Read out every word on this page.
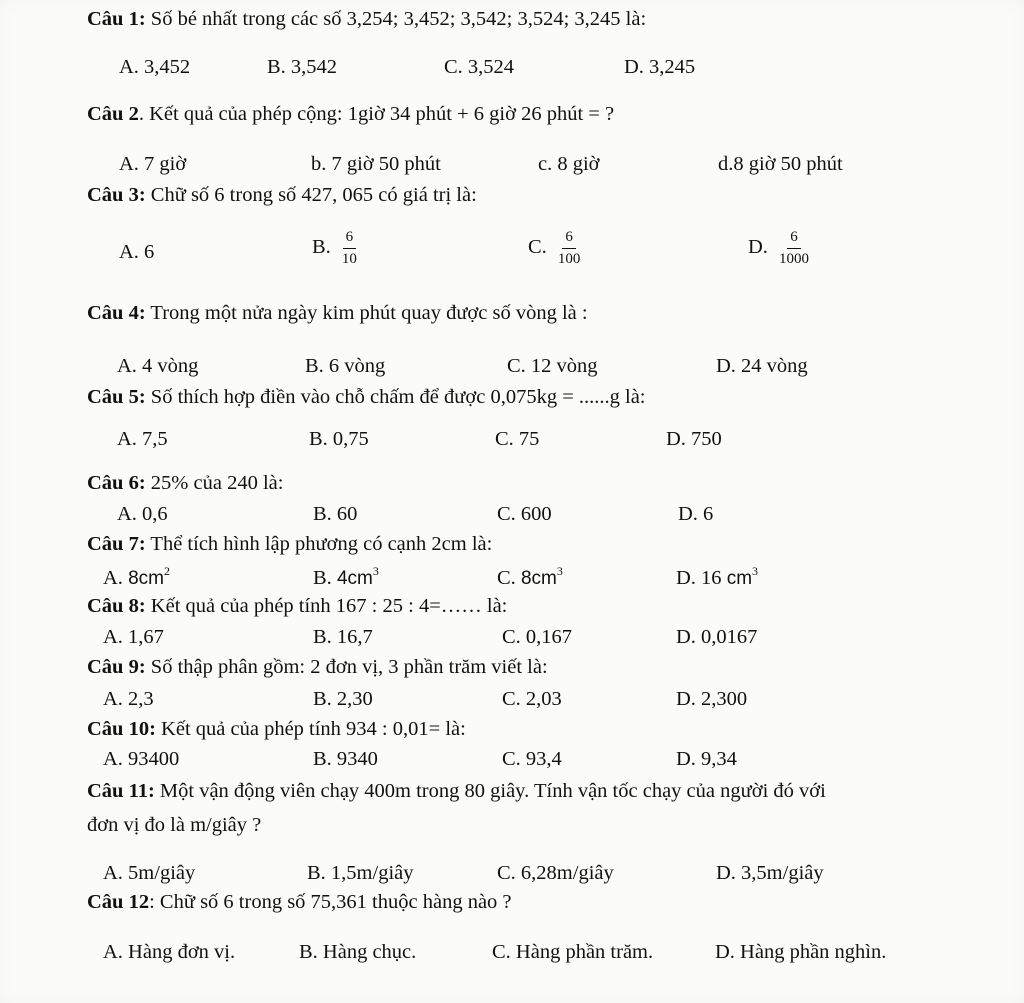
Câu 1: Số bé nhất trong các số 3,254; 3,452; 3,542; 3,524; 3,245 là:
A. 3,452	B. 3,542	C. 3,524	D. 3,245
Câu 2. Kết quả của phép cộng: 1giờ 34 phút + 6 giờ 26 phút = ?
A. 7 giờ	b. 7 giờ 50 phút	c. 8 giờ	d.8 giờ 50 phút
Câu 3: Chữ số 6 trong số 427, 065 có giá trị là:
A. 6	B. $\frac{6}{10}$	C. $\frac{6}{100}$	D. $\frac{6}{1000}$
Câu 4: Trong một nửa ngày kim phút quay được số vòng là :
A. 4 vòng	B. 6 vòng	C. 12 vòng	D. 24 vòng
Câu 5: Số thích hợp điền vào chỗ chấm để được 0,075kg = ......g là:
A. 7,5	B. 0,75	C. 75	D. 750
Câu 6: 25% của 240 là:
A. 0,6	B. 60	C. 600	D. 6
Câu 7: Thể tích hình lập phương có cạnh 2cm là:
A. $8cm^2$	B. $4cm^3$	C. $8cm^3$	D. 16 $cm^3$
Câu 8: Kết quả của phép tính 167 : 25 : 4=…… là:
A. 1,67	B. 16,7	C. 0,167	D. 0,0167
Câu 9: Số thập phân gồm: 2 đơn vị, 3 phần trăm viết là:
A. 2,3	B. 2,30	C. 2,03	D. 2,300
Câu 10: Kết quả của phép tính 934 : 0,01= là:
A. 93400	B. 9340	C. 93,4	D. 9,34
Câu 11: Một vận động viên chạy 400m trong 80 giây. Tính vận tốc chạy của người đó với
đơn vị đo là m/giây ?
A. 5m/giây	B. 1,5m/giây	C. 6,28m/giây	D. 3,5m/giây
Câu 12: Chữ số 6 trong số 75,361 thuộc hàng nào ?
A. Hàng đơn vị.	B. Hàng chục.	C. Hàng phần trăm.	D. Hàng phần nghìn.
